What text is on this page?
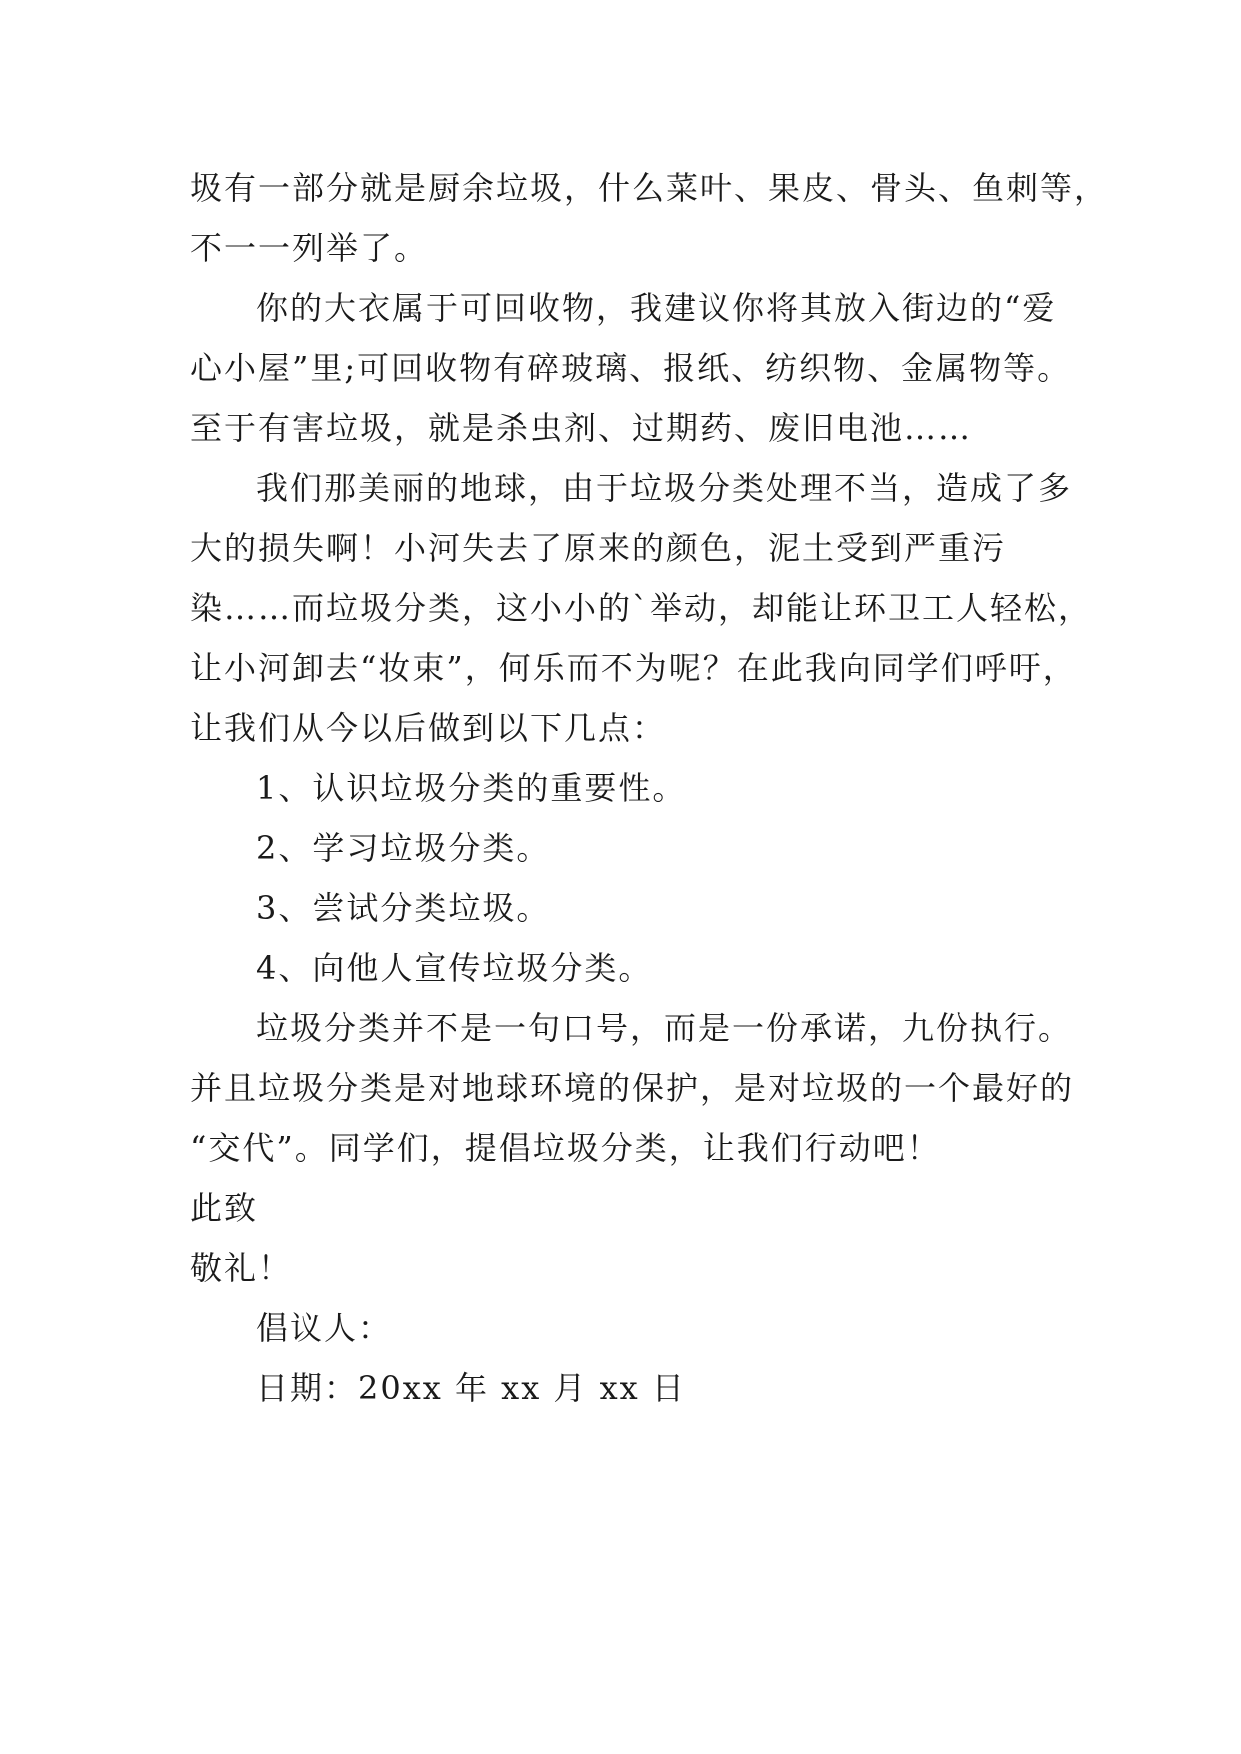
圾有一部分就是厨余垃圾，什么菜叶、果皮、骨头、鱼刺等，
不一一列举了。
你的大衣属于可回收物，我建议你将其放入街边的“爱
心小屋”里;可回收物有碎玻璃、报纸、纺织物、金属物等。
至于有害垃圾，就是杀虫剂、过期药、废旧电池……
我们那美丽的地球，由于垃圾分类处理不当，造成了多
大的损失啊！小河失去了原来的颜色，泥土受到严重污
染……而垃圾分类，这小小的`举动，却能让环卫工人轻松，
让小河卸去“妆束”，何乐而不为呢？在此我向同学们呼吁，
让我们从今以后做到以下几点：
1、认识垃圾分类的重要性。
2、学习垃圾分类。
3、尝试分类垃圾。
4、向他人宣传垃圾分类。
垃圾分类并不是一句口号，而是一份承诺，九份执行。
并且垃圾分类是对地球环境的保护，是对垃圾的一个最好的
“交代”。同学们，提倡垃圾分类，让我们行动吧！
此致
敬礼！
倡议人：
日期：20xx 年 xx 月 xx 日
